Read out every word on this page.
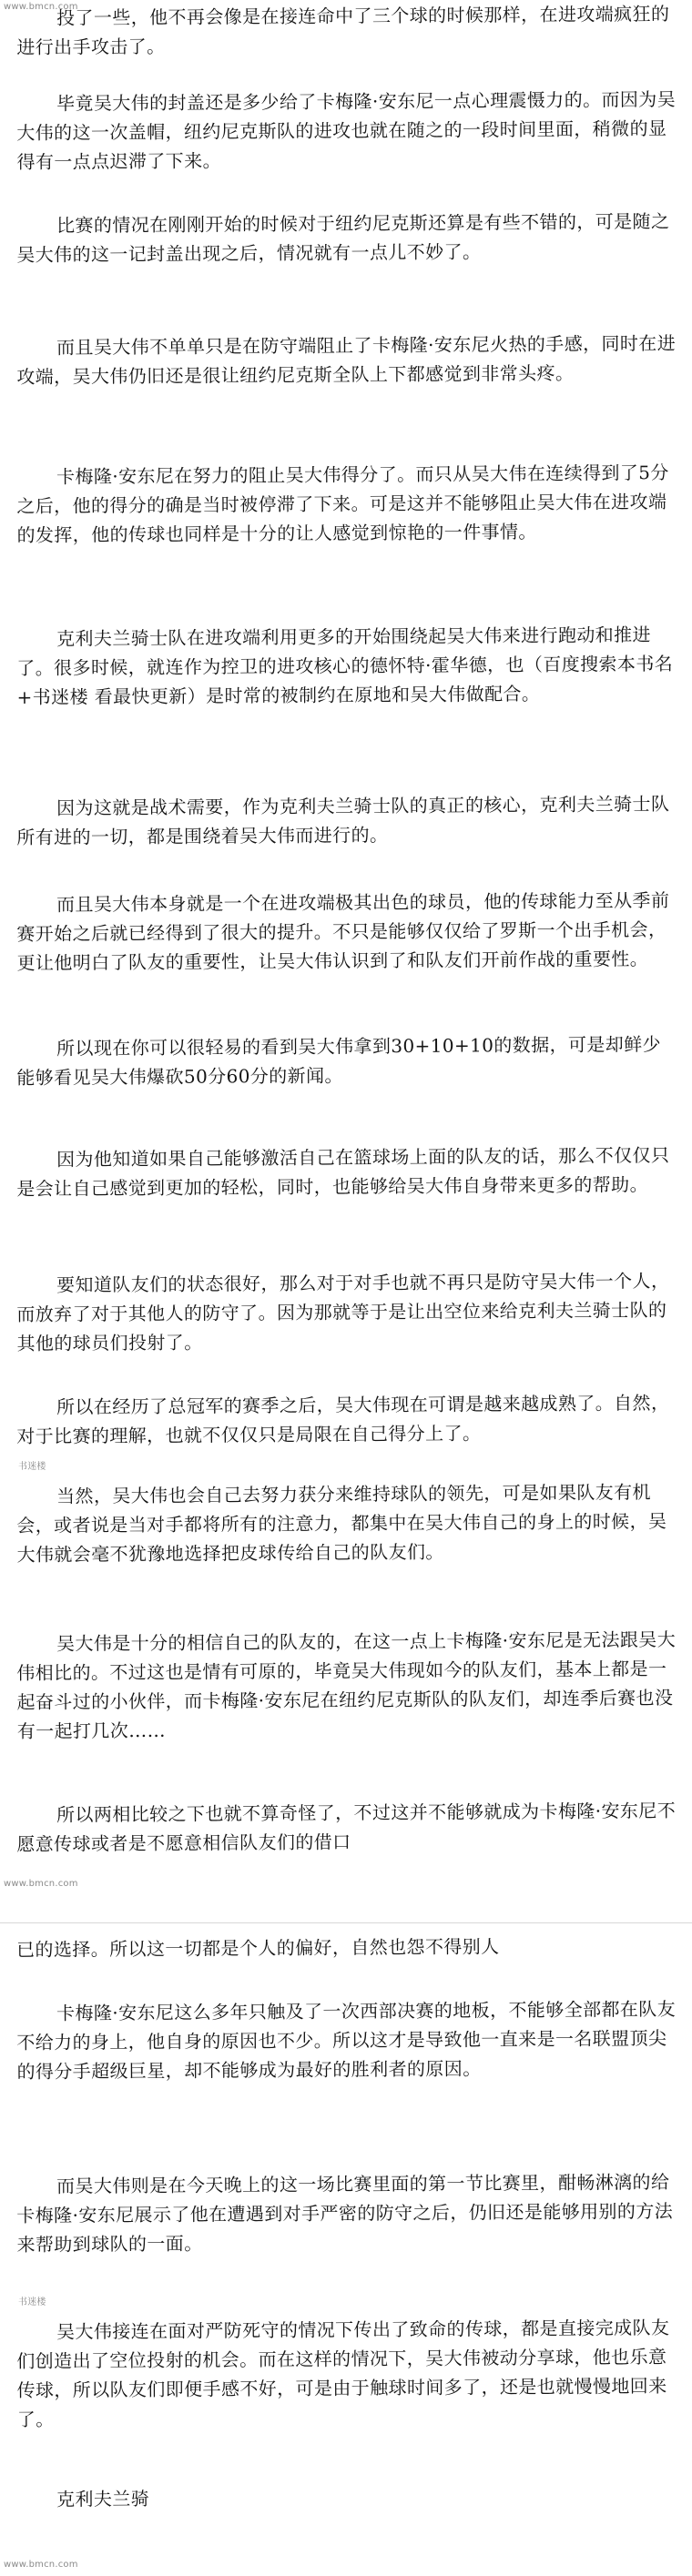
www.bmcn.com

投了一些，他不再会像是在接连命中了三个球的时候那样，在进攻端疯狂的进行出手攻击了。

毕竟吴大伟的封盖还是多少给了卡梅隆·安东尼一点心理震慑力的。而因为吴大伟的这一次盖帽，纽约尼克斯队的进攻也就在随之的一段时间里面，稍微的显得有一点点迟滞了下来。

比赛的情况在刚刚开始的时候对于纽约尼克斯还算是有些不错的，可是随之吴大伟的这一记封盖出现之后，情况就有一点儿不妙了。

而且吴大伟不单单只是在防守端阻止了卡梅隆·安东尼火热的手感，同时在进攻端，吴大伟仍旧还是很让纽约尼克斯全队上下都感觉到非常头疼。

卡梅隆·安东尼在努力的阻止吴大伟得分了。而只从吴大伟在连续得到了5分之后，他的得分的确是当时被停滞了下来。可是这并不能够阻止吴大伟在进攻端的发挥，他的传球也同样是十分的让人感觉到惊艳的一件事情。

克利夫兰骑士队在进攻端利用更多的开始围绕起吴大伟来进行跑动和推进了。很多时候，就连作为控卫的进攻核心的德怀特·霍华德，也（百度搜索本书名+书迷楼 看最快更新）是时常的被制约在原地和吴大伟做配合。

因为这就是战术需要，作为克利夫兰骑士队的真正的核心，克利夫兰骑士队所有进的一切，都是围绕着吴大伟而进行的。

而且吴大伟本身就是一个在进攻端极其出色的球员，他的传球能力至从季前赛开始之后就已经得到了很大的提升。不只是能够仅仅给了罗斯一个出手机会，更让他明白了队友的重要性，让吴大伟认识到了和队友们开前作战的重要性。

所以现在你可以很轻易的看到吴大伟拿到30+10+10的数据，可是却鲜少能够看见吴大伟爆砍50分60分的新闻。

因为他知道如果自己能够激活自己在篮球场上面的队友的话，那么不仅仅只是会让自己感觉到更加的轻松，同时，也能够给吴大伟自身带来更多的帮助。

要知道队友们的状态很好，那么对于对手也就不再只是防守吴大伟一个人，而放弃了对于其他人的防守了。因为那就等于是让出空位来给克利夫兰骑士队的其他的球员们投射了。

所以在经历了总冠军的赛季之后，吴大伟现在可谓是越来越成熟了。自然，对于比赛的理解，也就不仅仅只是局限在自己得分上了。

书迷楼

当然，吴大伟也会自己去努力获分来维持球队的领先，可是如果队友有机会，或者说是当对手都将所有的注意力，都集中在吴大伟自己的身上的时候，吴大伟就会毫不犹豫地选择把皮球传给自己的队友们。

吴大伟是十分的相信自己的队友的，在这一点上卡梅隆·安东尼是无法跟吴大伟相比的。不过这也是情有可原的，毕竟吴大伟现如今的队友们，基本上都是一起奋斗过的小伙伴，而卡梅隆·安东尼在纽约尼克斯队的队友们，却连季后赛也没有一起打几次……

所以两相比较之下也就不算奇怪了，不过这并不能够就成为卡梅隆·安东尼不愿意传球或者是不愿意相信队友们的借口

www.bmcn.com

已的选择。所以这一切都是个人的偏好，自然也怨不得别人

卡梅隆·安东尼这么多年只触及了一次西部决赛的地板，不能够全部都在队友不给力的身上，他自身的原因也不少。所以这才是导致他一直来是一名联盟顶尖的得分手超级巨星，却不能够成为最好的胜利者的原因。

而吴大伟则是在今天晚上的这一场比赛里面的第一节比赛里，酣畅淋漓的给卡梅隆·安东尼展示了他在遭遇到对手严密的防守之后，仍旧还是能够用别的方法来帮助到球队的一面。

书迷楼

吴大伟接连在面对严防死守的情况下传出了致命的传球，都是直接完成队友们创造出了空位投射的机会。而在这样的情况下，吴大伟被动分享球，他也乐意传球，所以队友们即便手感不好，可是由于触球时间多了，还是也就慢慢地回来了。

克利夫兰骑

www.bmcn.com
